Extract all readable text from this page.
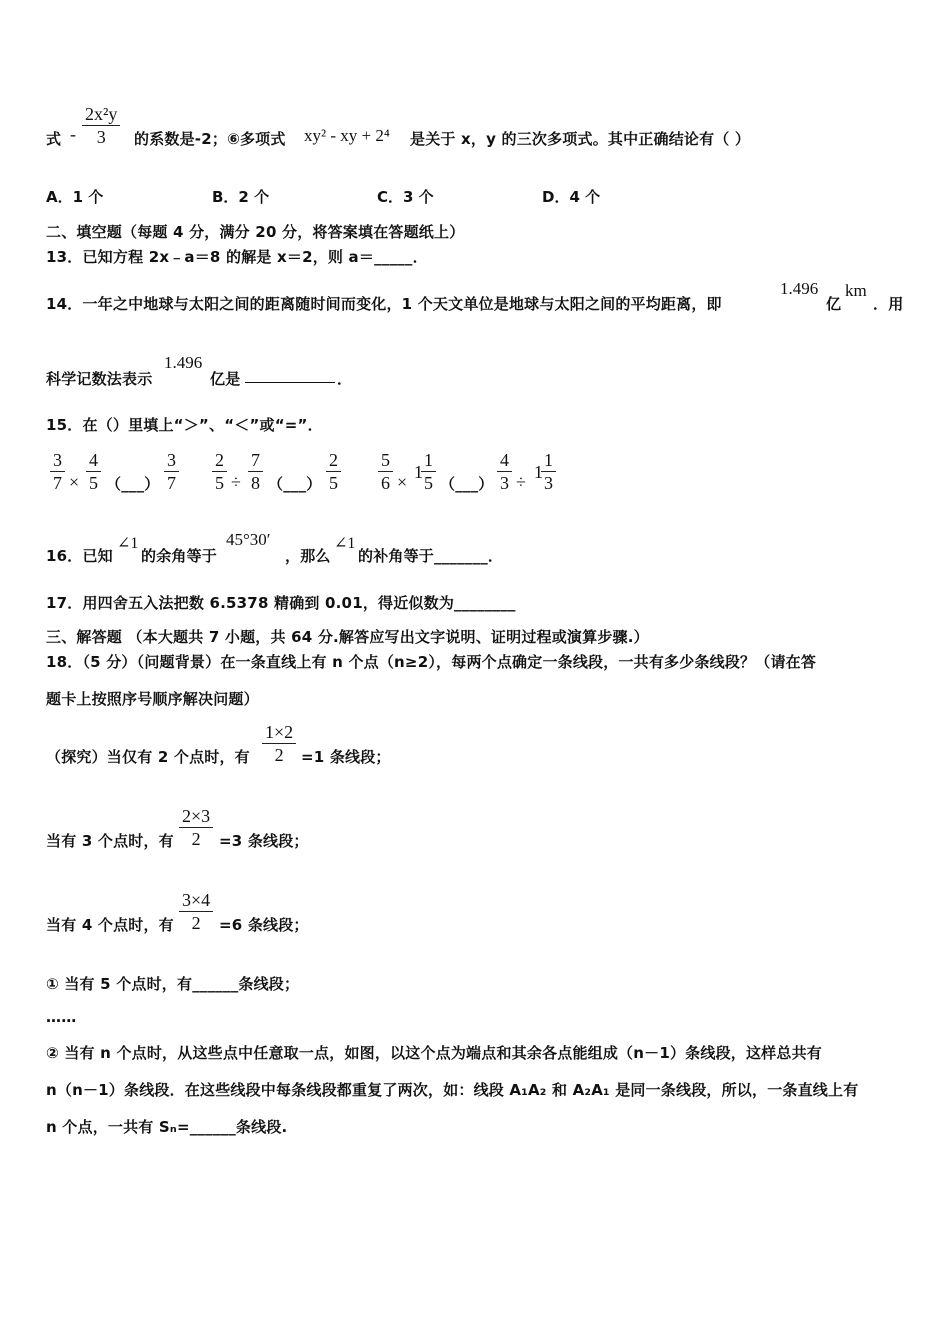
式 -
2x²y
3	的系数是-2；⑥多项式 xy² - xy + 2⁴ 是关于 x，y 的三次多项式。其中正确结论有（ ）
A．1 个	B．2 个	C．3 个	D．4 个
二、填空题（每题 4 分，满分 20 分，将答案填在答题纸上）
13．已知方程 2x﹣a＝8 的解是 x＝2，则 a＝_____．
14．一年之中地球与太阳之间的距离随时间而变化，1 个天文单位是地球与太阳之间的平均距离，即
1.496
亿
km
．用
科学记数法表示
1.496
亿是	．
15．在（）里填上“＞”、“＜”或“=”．
3
7 ×
4
5 （___）
3
7
2
5 ÷
7
8 （___）
2
5
5
6 × 1
1
5 （___）
4
3 ÷ 1
1
3
16．已知
∠1
的余角等于
45°30′
，那么
∠1
的补角等于_______．
17．用四舍五入法把数 6.5378 精确到 0.01，得近似数为________
三、解答题 （本大题共 7 小题，共 64 分.解答应写出文字说明、证明过程或演算步骤.）
18．（5 分）（问题背景）在一条直线上有 n 个点（n≥2），每两个点确定一条线段，一共有多少条线段？（请在答
题卡上按照序号顺序解决问题）
（探究）当仅有 2 个点时，有
1×2
2	=1 条线段；
当有 3 个点时，有
2×3
2	=3 条线段；
当有 4 个点时，有
3×4
2	=6 条线段；
① 当有 5 个点时，有______条线段；
……
② 当有 n 个点时，从这些点中任意取一点，如图，以这个点为端点和其余各点能组成（n－1）条线段，这样总共有
n（n－1）条线段．在这些线段中每条线段都重复了两次，如：线段 A₁A₂ 和 A₂A₁ 是同一条线段，所以，一条直线上有
n 个点，一共有 Sₙ=______条线段.
